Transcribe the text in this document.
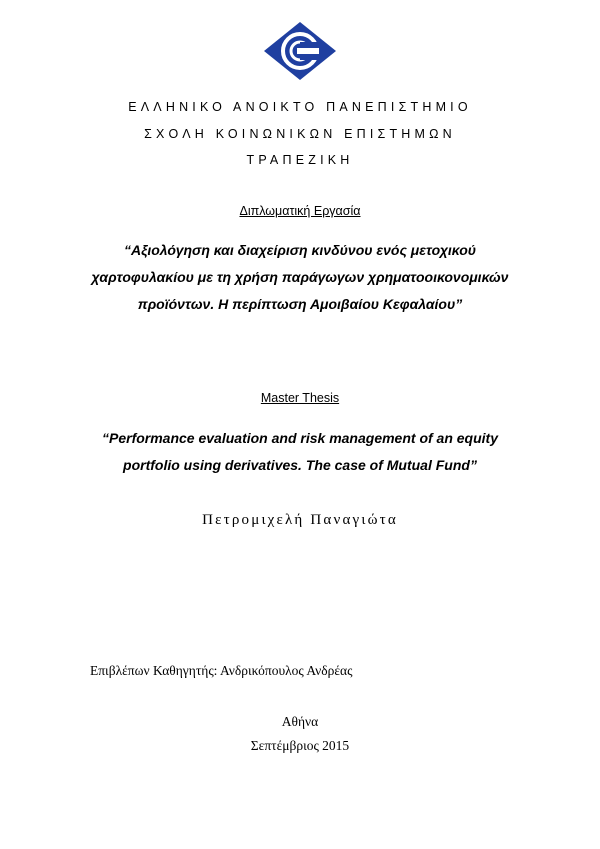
ΕΛΛΗΝΙΚΟ ΑΝΟΙΚΤΟ ΠΑΝΕΠΙΣΤΗΜΙΟ
ΣΧΟΛΗ ΚΟΙΝΩΝΙΚΩΝ ΕΠΙΣΤΗΜΩΝ
ΤΡΑΠΕΖΙΚΗ
Διπλωματική Εργασία
“Αξιολόγηση και διαχείριση κινδύνου ενός μετοχικού χαρτοφυλακίου με τη χρήση παράγωγων χρηματοοικονομικών προϊόντων. Η περίπτωση Αμοιβαίου Κεφαλαίου”
Master Thesis
“Performance evaluation and risk management of an equity portfolio using derivatives. The case of Mutual Fund”
Πετρομιχελή Παναγιώτα
Επιβλέπων Καθηγητής: Ανδρικόπουλος Ανδρέας
Αθήνα
Σεπτέμβριος 2015
